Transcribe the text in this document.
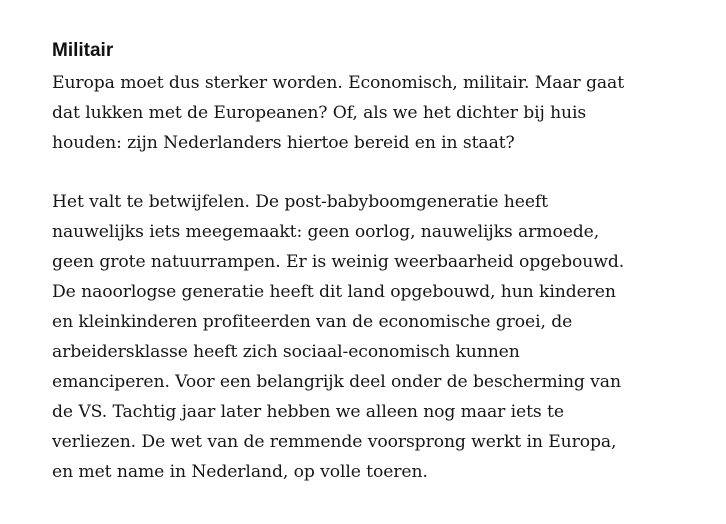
Militair

Europa moet dus sterker worden. Economisch, militair. Maar gaat
dat lukken met de Europeanen? Of, als we het dichter bij huis
houden: zijn Nederlanders hiertoe bereid en in staat?

Het valt te betwijfelen. De post-babyboomgeneratie heeft
nauwelijks iets meegemaakt: geen oorlog, nauwelijks armoede,
geen grote natuurrampen. Er is weinig weerbaarheid opgebouwd.
De naoorlogse generatie heeft dit land opgebouwd, hun kinderen
en kleinkinderen profiteerden van de economische groei, de
arbeidersklasse heeft zich sociaal-economisch kunnen
emanciperen. Voor een belangrijk deel onder de bescherming van
de VS. Tachtig jaar later hebben we alleen nog maar iets te
verliezen. De wet van de remmende voorsprong werkt in Europa,
en met name in Nederland, op volle toeren.
